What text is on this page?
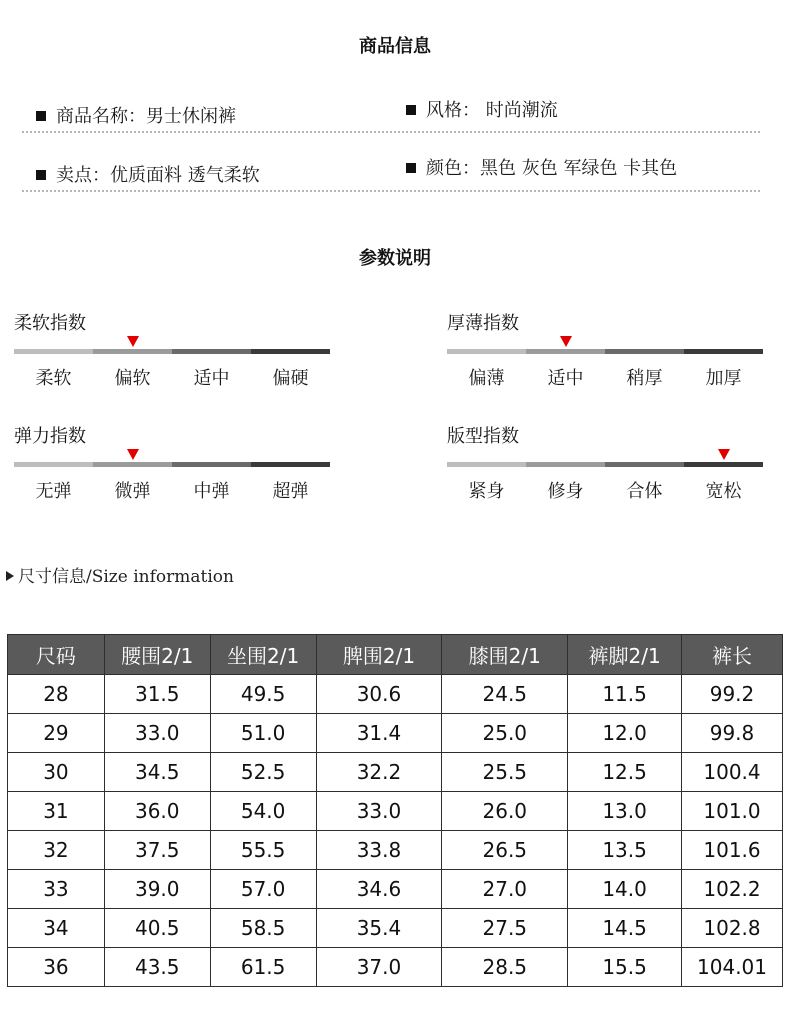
商品信息
商品名称：男士休闲裤	风格： 时尚潮流
卖点：优质面料 透气柔软	颜色：黑色 灰色 军绿色 卡其色
参数说明
柔软指数
柔软	偏软	适中	偏硬
厚薄指数
偏薄	适中	稍厚	加厚
弹力指数
无弹	微弹	中弹	超弹
版型指数
紧身	修身	合体	宽松
尺寸信息/Size information
尺码	腰围2/1	坐围2/1	脾围2/1	膝围2/1	裤脚2/1	裤长
28	31.5	49.5	30.6	24.5	11.5	99.2
29	33.0	51.0	31.4	25.0	12.0	99.8
30	34.5	52.5	32.2	25.5	12.5	100.4
31	36.0	54.0	33.0	26.0	13.0	101.0
32	37.5	55.5	33.8	26.5	13.5	101.6
33	39.0	57.0	34.6	27.0	14.0	102.2
34	40.5	58.5	35.4	27.5	14.5	102.8
36	43.5	61.5	37.0	28.5	15.5	104.01
